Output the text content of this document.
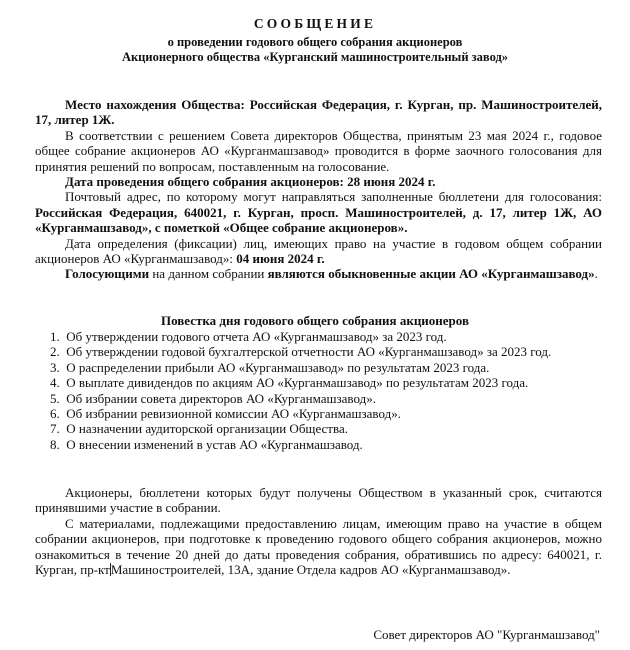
СООБЩЕНИЕ
о проведении годового общего собрания акционеров
Акционерного общества «Курганский машиностроительный завод»

Место нахождения Общества: Российская Федерация, г. Курган, пр. Машиностроителей, 17, литер 1Ж.

В соответствии с решением Совета директоров Общества, принятым 23 мая 2024 г., годовое общее собрание акционеров АО «Курганмашзавод» проводится в форме заочного голосования для принятия решений по вопросам, поставленным на голосование.

Дата проведения общего собрания акционеров: 28 июня 2024 г.

Почтовый адрес, по которому могут направляться заполненные бюллетени для голосования: Российская Федерация, 640021, г. Курган, просп. Машиностроителей, д. 17, литер 1Ж, АО «Курганмашзавод», с пометкой «Общее собрание акционеров».

Дата определения (фиксации) лиц, имеющих право на участие в годовом общем собрании акционеров АО «Курганмашзавод»: 04 июня 2024 г.

Голосующими на данном собрании являются обыкновенные акции АО «Курганмашзавод».

Повестка дня годового общего собрания акционеров
1. Об утверждении годового отчета АО «Курганмашзавод» за 2023 год.
2. Об утверждении годовой бухгалтерской отчетности АО «Курганмашзавод» за 2023 год.
3. О распределении прибыли АО «Курганмашзавод» по результатам 2023 года.
4. О выплате дивидендов по акциям АО «Курганмашзавод» по результатам 2023 года.
5. Об избрании совета директоров АО «Курганмашзавод».
6. Об избрании ревизионной комиссии АО «Курганмашзавод».
7. О назначении аудиторской организации Общества.
8. О внесении изменений в устав АО «Курганмашзавод.

Акционеры, бюллетени которых будут получены Обществом в указанный срок, считаются принявшими участие в собрании.

С материалами, подлежащими предоставлению лицам, имеющим право на участие в общем собрании акционеров, при подготовке к проведению годового общего собрания акционеров, можно ознакомиться в течение 20 дней до даты проведения собрания, обратившись по адресу: 640021, г. Курган, пр-ктМашиностроителей, 13А, здание Отдела кадров АО «Курганмашзавод».

Совет директоров АО "Курганмашзавод"
